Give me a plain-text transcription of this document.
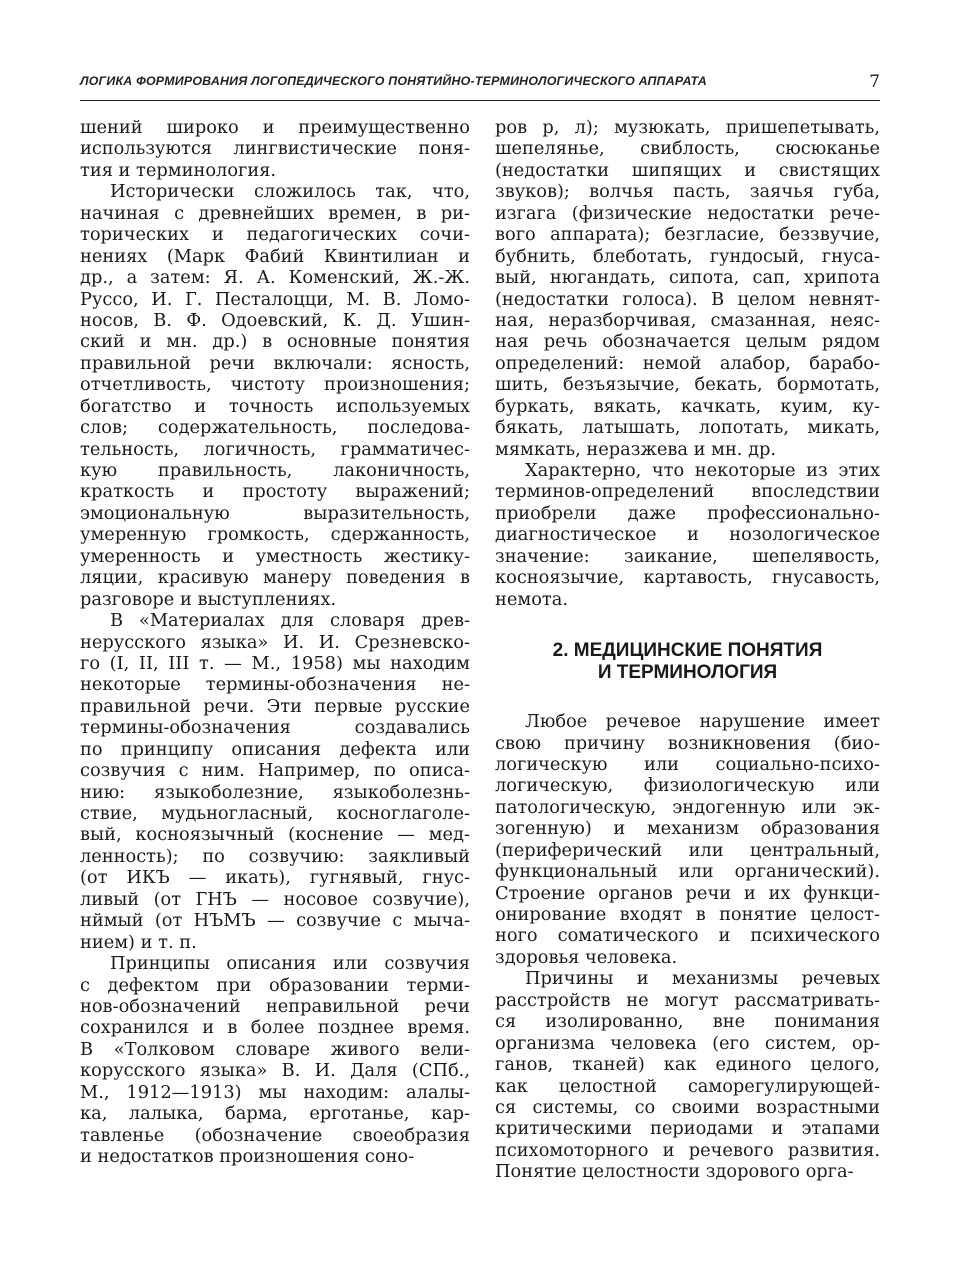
ЛОГИКА ФОРМИРОВАНИЯ ЛОГОПЕДИЧЕСКОГО ПОНЯТИЙНО-ТЕРМИНОЛОГИЧЕСКОГО АППАРАТА	7
шений широко и преимущественно
используются лингвистические поня-
тия и терминология.
Исторически сложилось так, что,
начиная с древнейших времен, в ри-
торических и педагогических сочи-
нениях (Марк Фабий Квинтилиан и
др., а затем: Я. А. Коменский, Ж.-Ж.
Руссо, И. Г. Песталоцци, М. В. Ломо-
носов, В. Ф. Одоевский, К. Д. Ушин-
ский и мн. др.) в основные понятия
правильной речи включали: ясность,
отчетливость, чистоту произношения;
богатство и точность используемых
слов; содержательность, последова-
тельность, логичность, грамматичес-
кую правильность, лаконичность,
краткость и простоту выражений;
эмоциональную выразительность,
умеренную громкость, сдержанность,
умеренность и уместность жестику-
ляции, красивую манеру поведения в
разговоре и выступлениях.
В «Материалах для словаря древ-
нерусского языка» И. И. Срезневско-
го (I, II, III т. — М., 1958) мы находим
некоторые термины-обозначения не-
правильной речи. Эти первые русские
термины-обозначения создавались
по принципу описания дефекта или
созвучия с ним. Например, по описа-
нию: языкоболезние, языкоболезнь-
ствие, мудьногласный, косноглаголе-
вый, косноязычный (коснение — мед-
ленность); по созвучию: заякливый
(от ИКЪ — икать), гугнявый, гнус-
ливый (от ГНЪ — носовое созвучие),
нймый (от НЪМЪ — созвучие с мыча-
нием) и т. п.
Принципы описания или созвучия
с дефектом при образовании терми-
нов-обозначений неправильной речи
сохранился и в более позднее время.
В «Толковом словаре живого вели-
корусского языка» В. И. Даля (СПб.,
М., 1912—1913) мы находим: алалы-
ка, лалыка, барма, ерготанье, кар-
тавленье (обозначение своеобразия
и недостатков произношения соно-
ров р, л); музюкать, пришепетывать,
шепелянье, свиблость, сюсюканье
(недостатки шипящих и свистящих
звуков); волчья пасть, заячья губа,
изгага (физические недостатки рече-
вого аппарата); безгласие, беззвучие,
бубнить, блеботать, гундосый, гнуса-
вый, нюгандать, сипота, сап, хрипота
(недостатки голоса). В целом невнят-
ная, неразборчивая, смазанная, неяс-
ная речь обозначается целым рядом
определений: немой алабор, барабо-
шить, безъязычие, бекать, бормотать,
буркать, вякать, качкать, куим, ку-
бякать, латышать, лопотать, микать,
мямкать, неразжева и мн. др.
Характерно, что некоторые из этих
терминов-определений впоследствии
приобрели даже профессионально-
диагностическое и нозологическое
значение: заикание, шепелявость,
косноязычие, картавость, гнусавость,
немота.
2. МЕДИЦИНСКИЕ ПОНЯТИЯ
И ТЕРМИНОЛОГИЯ
Любое речевое нарушение имеет
свою причину возникновения (био-
логическую или социально-психо-
логическую, физиологическую или
патологическую, эндогенную или эк-
зогенную) и механизм образования
(периферический или центральный,
функциональный или органический).
Строение органов речи и их функци-
онирование входят в понятие целост-
ного соматического и психического
здоровья человека.
Причины и механизмы речевых
расстройств не могут рассматривать-
ся изолированно, вне понимания
организма человека (его систем, ор-
ганов, тканей) как единого целого,
как целостной саморегулирующей-
ся системы, со своими возрастными
критическими периодами и этапами
психомоторного и речевого развития.
Понятие целостности здорового орга-
